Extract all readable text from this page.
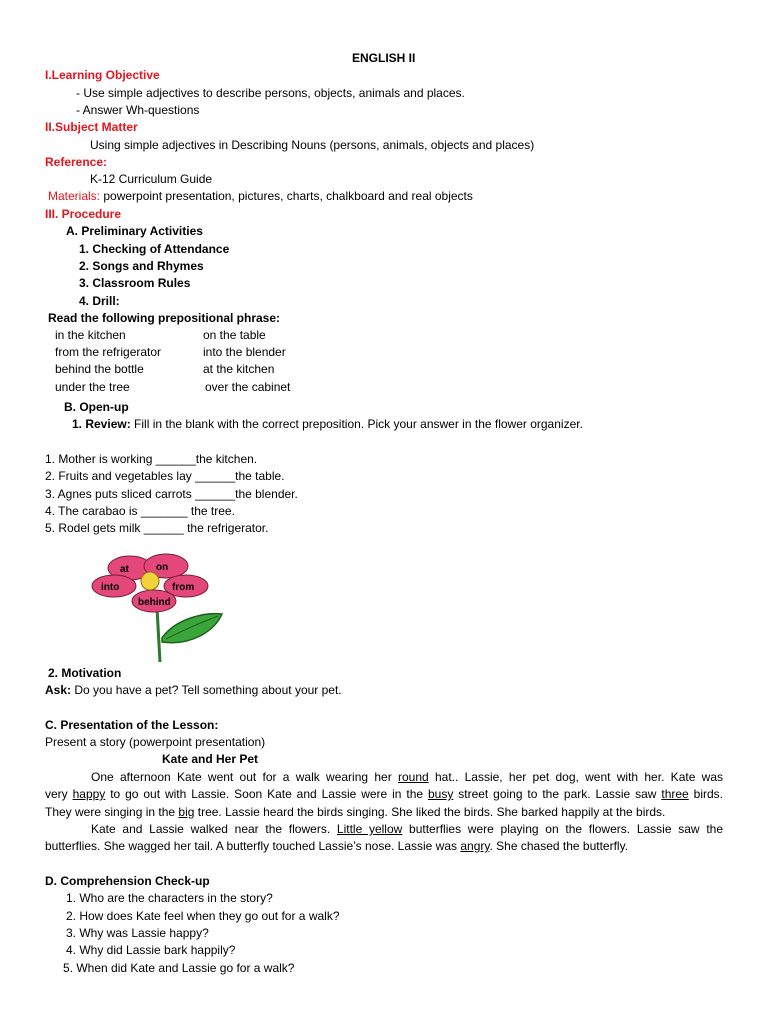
ENGLISH II
I.Learning Objective
- Use simple adjectives to describe persons, objects, animals and places.
- Answer Wh-questions
II.Subject Matter
Using simple adjectives in Describing Nouns (persons, animals, objects and places)
Reference:
K-12 Curriculum Guide
Materials: powerpoint presentation, pictures, charts, chalkboard and real objects
III. Procedure
A. Preliminary Activities
1. Checking of Attendance
2. Songs and Rhymes
3. Classroom Rules
4. Drill:
Read the following prepositional phrase:
in the kitchen
from the refrigerator
behind the bottle
under the tree
on the table
into the blender
at the kitchen
over the cabinet
B. Open-up
1. Review: Fill in the blank with the correct preposition. Pick your answer in the flower organizer.
1. Mother is working ______the kitchen.
2. Fruits and vegetables lay ______the table.
3. Agnes puts sliced carrots ______the blender.
4. The carabao is _______ the tree.
5. Rodel gets milk ______ the refrigerator.
at	on
into	from
behind
2. Motivation
Ask: Do you have a pet? Tell something about your pet.
C. Presentation of the Lesson:
Present a story (powerpoint presentation)
Kate and Her Pet
One afternoon Kate went out for a walk wearing her round hat.. Lassie, her pet dog, went with her. Kate was
very happy to go out with Lassie. Soon Kate and Lassie were in the busy street going to the park. Lassie saw three birds.
They were singing in the big tree. Lassie heard the birds singing. She liked the birds. She barked happily at the birds.
Kate and Lassie walked near the flowers. Little yellow butterflies were playing on the flowers. Lassie saw the
butterflies. She wagged her tail. A butterfly touched Lassie’s nose. Lassie was angry. She chased the butterfly.
D. Comprehension Check-up
1. Who are the characters in the story?
2. How does Kate feel when they go out for a walk?
3. Why was Lassie happy?
4. Why did Lassie bark happily?
5. When did Kate and Lassie go for a walk?
